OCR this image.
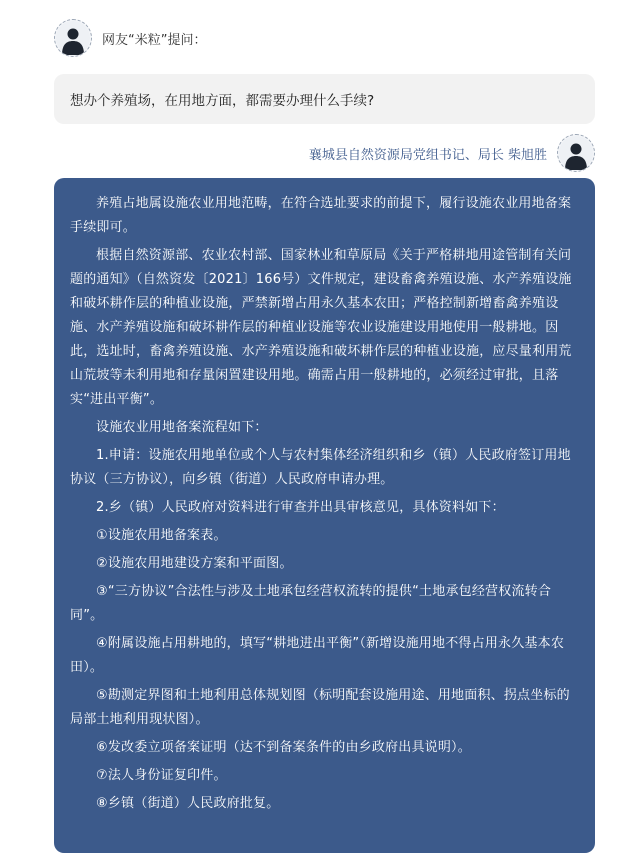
网友“米粒”提问：
想办个养殖场，在用地方面，都需要办理什么手续?
襄城县自然资源局党组书记、局长 柴旭胜

养殖占地属设施农业用地范畴，在符合选址要求的前提下，履行设施农业用地备案手续即可。

根据自然资源部、农业农村部、国家林业和草原局《关于严格耕地用途管制有关问题的通知》（自然资发〔2021〕166号）文件规定，建设畜禽养殖设施、水产养殖设施和破坏耕作层的种植业设施，严禁新增占用永久基本农田；严格控制新增畜禽养殖设施、水产养殖设施和破坏耕作层的种植业设施等农业设施建设用地使用一般耕地。因此，选址时，畜禽养殖设施、水产养殖设施和破坏耕作层的种植业设施，应尽量利用荒山荒坡等未利用地和存量闲置建设用地。确需占用一般耕地的，必须经过审批，且落实“进出平衡”。

设施农业用地备案流程如下：

1.申请：设施农用地单位或个人与农村集体经济组织和乡（镇）人民政府签订用地协议（三方协议），向乡镇（街道）人民政府申请办理。

2.乡（镇）人民政府对资料进行审查并出具审核意见，具体资料如下：

①设施农用地备案表。

②设施农用地建设方案和平面图。

③“三方协议”合法性与涉及土地承包经营权流转的提供“土地承包经营权流转合同”。

④附属设施占用耕地的，填写“耕地进出平衡”（新增设施用地不得占用永久基本农田）。

⑤勘测定界图和土地利用总体规划图（标明配套设施用途、用地面积、拐点坐标的局部土地利用现状图）。

⑥发改委立项备案证明（达不到备案条件的由乡政府出具说明）。

⑦法人身份证复印件。

⑧乡镇（街道）人民政府批复。
